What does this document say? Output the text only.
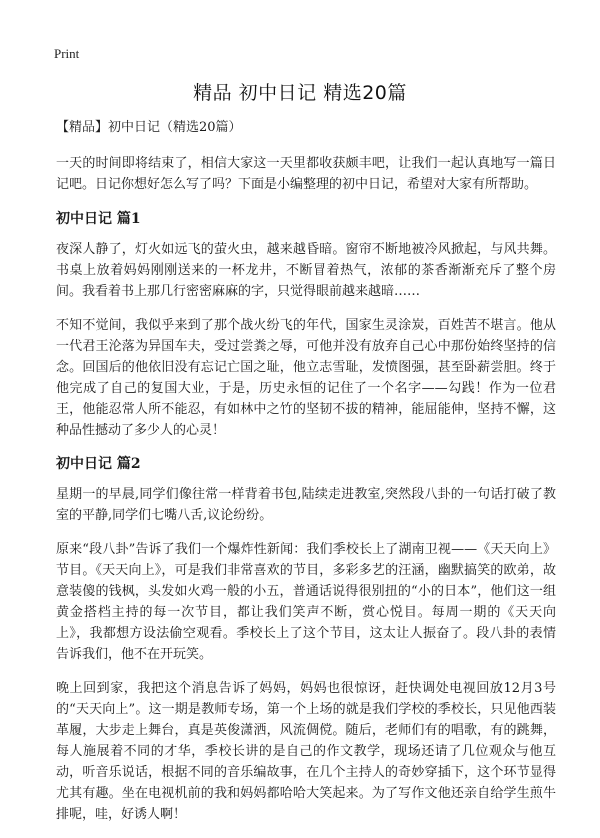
Print
精品 初中日记 精选20篇
【精品】初中日记（精选20篇）

一天的时间即将结束了，相信大家这一天里都收获颇丰吧，让我们一起认真地写一篇日记吧。日记你想好怎么写了吗？下面是小编整理的初中日记，希望对大家有所帮助。

初中日记 篇1

夜深人静了，灯火如远飞的萤火虫，越来越昏暗。窗帘不断地被冷风掀起，与风共舞。书桌上放着妈妈刚刚送来的一杯龙井，不断冒着热气，浓郁的茶香渐渐充斥了整个房间。我看着书上那几行密密麻麻的字，只觉得眼前越来越暗……

不知不觉间，我似乎来到了那个战火纷飞的年代，国家生灵涂炭，百姓苦不堪言。他从一代君王沦落为异国车夫，受过尝粪之辱，可他并没有放弃自己心中那份始终坚持的信念。回国后的他依旧没有忘记亡国之耻，他立志雪耻，发愤图强，甚至卧薪尝胆。终于他完成了自己的复国大业，于是，历史永恒的记住了一个名字——勾践！作为一位君王，他能忍常人所不能忍，有如林中之竹的坚韧不拔的精神，能屈能伸，坚持不懈，这种品性撼动了多少人的心灵！

初中日记 篇2

星期一的早晨,同学们像往常一样背着书包,陆续走进教室,突然段八卦的一句话打破了教室的平静,同学们七嘴八舌,议论纷纷。

原来“段八卦”告诉了我们一个爆炸性新闻：我们季校长上了湖南卫视——《天天向上》节目。《天天向上》，可是我们非常喜欢的节目，多彩多艺的汪涵，幽默搞笑的欧弟，故意装傻的钱枫，头发如火鸡一般的小五，普通话说得很别扭的“小的日本”，他们这一组黄金搭档主持的每一次节目，都让我们笑声不断，赏心悦目。每周一期的《天天向上》，我都想方设法偷空观看。季校长上了这个节目，这太让人振奋了。段八卦的表情告诉我们，他不在开玩笑。

晚上回到家，我把这个消息告诉了妈妈，妈妈也很惊讶，赶快调处电视回放12月3号的“天天向上”。这一期是教师专场，第一个上场的就是我们学校的季校长，只见他西装革履，大步走上舞台，真是英俊潇洒，风流倜傥。随后，老师们有的唱歌，有的跳舞，每人施展着不同的才华，季校长讲的是自己的作文教学，现场还请了几位观众与他互动，听音乐说话，根据不同的音乐编故事，在几个主持人的奇妙穿插下，这个环节显得尤其有趣。坐在电视机前的我和妈妈都哈哈大笑起来。为了写作文他还亲自给学生煎牛排呢，哇，好诱人啊！
